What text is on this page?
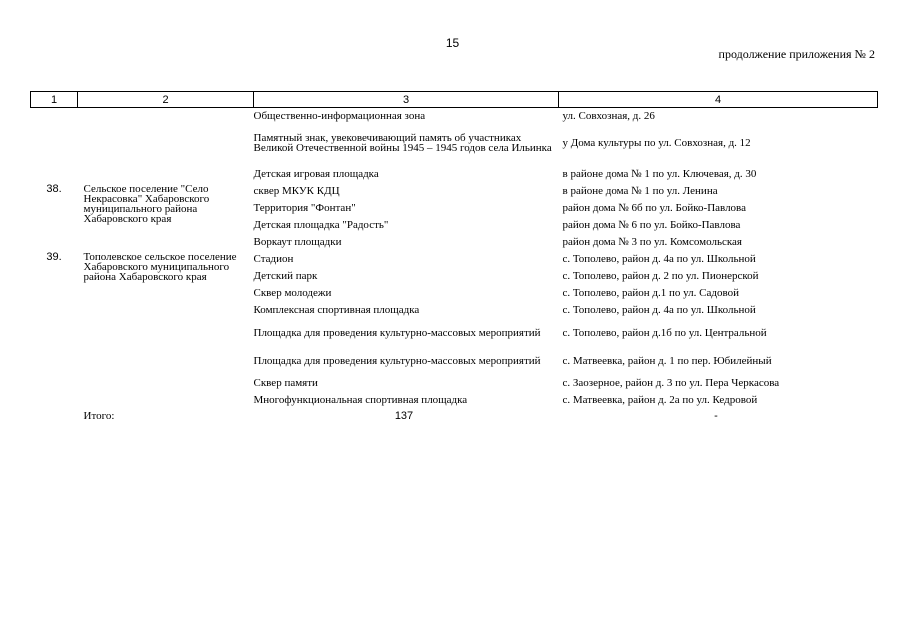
15
продолжение приложения № 2
1	2	3	4
		Общественно-информационная зона	ул. Совхозная, д. 26
		Памятный знак, увековечивающий память об участниках Великой Отечественной войны 1945 – 1945 годов села Ильинка	у Дома культуры по ул. Совхозная, д. 12
		Детская игровая площадка	в районе дома № 1 по ул. Ключевая, д. 30
38.	Сельское поселение "Село Некрасовка" Хабаровского муниципального района Хабаровского края	сквер МКУК КДЦ	в районе дома № 1 по ул. Ленина
		Территория "Фонтан"	район дома № 6б по ул. Бойко-Павлова
		Детская площадка "Радость"	район дома № 6 по ул. Бойко-Павлова
		Воркаут площадки	район дома № 3 по ул. Комсомольская
39.	Тополевское сельское поселение Хабаровского муниципального района Хабаровского края	Стадион	с. Тополево, район д. 4а по ул. Школьной
		Детский парк	с. Тополево, район д. 2 по ул. Пионерской
		Сквер молодежи	с. Тополево, район д.1 по ул. Садовой
		Комплексная спортивная площадка	с. Тополево, район д. 4а по ул. Школьной
		Площадка для проведения культурно-массовых мероприятий	с. Тополево, район д.1б по ул. Центральной
		Площадка для проведения культурно-массовых мероприятий	с. Матвеевка, район д. 1 по пер. Юбилейный
		Сквер памяти	с. Заозерное, район д. 3 по ул. Пера Черкасова
		Многофункциональная спортивная площадка	с. Матвеевка, район д. 2а по ул. Кедровой
	Итого:	137	-
